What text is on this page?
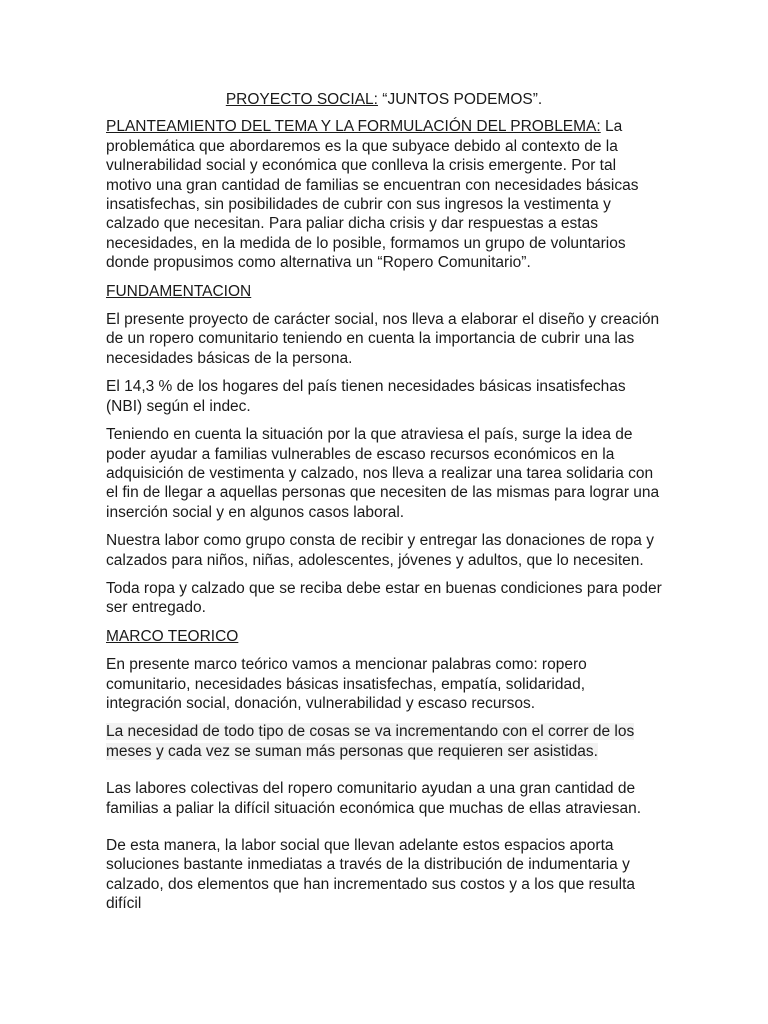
PROYECTO SOCIAL: “JUNTOS PODEMOS”.

PLANTEAMIENTO DEL TEMA Y LA FORMULACIÓN DEL PROBLEMA: La problemática que abordaremos es la que subyace debido al contexto de la vulnerabilidad social y económica que conlleva la crisis emergente. Por tal motivo una gran cantidad de familias se encuentran con necesidades básicas insatisfechas, sin posibilidades de cubrir con sus ingresos la vestimenta y calzado que necesitan. Para paliar dicha crisis y dar respuestas a estas necesidades, en la medida de lo posible, formamos un grupo de voluntarios donde propusimos como alternativa un “Ropero Comunitario”.

FUNDAMENTACION

El presente proyecto de carácter social, nos lleva a elaborar el diseño y creación de un ropero comunitario teniendo en cuenta la importancia de cubrir una las necesidades básicas de la persona.

El 14,3 % de los hogares del país tienen necesidades básicas insatisfechas (NBI) según el indec.

Teniendo en cuenta la situación por la que atraviesa el país, surge la idea de poder ayudar a familias vulnerables de escaso recursos económicos en la adquisición de vestimenta y calzado, nos lleva a realizar una tarea solidaria con el fin de llegar a aquellas personas que necesiten de las mismas para lograr una inserción social y en algunos casos laboral.

Nuestra labor como grupo consta de recibir y entregar las donaciones de ropa y calzados para niños, niñas, adolescentes, jóvenes y adultos, que lo necesiten.

Toda ropa y calzado que se reciba debe estar en buenas condiciones para poder ser entregado.

MARCO TEORICO

En presente marco teórico vamos a mencionar palabras como: ropero comunitario, necesidades básicas insatisfechas, empatía, solidaridad, integración social, donación, vulnerabilidad y escaso recursos.

La necesidad de todo tipo de cosas se va incrementando con el correr de los meses y cada vez se suman más personas que requieren ser asistidas.

Las labores colectivas del ropero comunitario ayudan a una gran cantidad de familias a paliar la difícil situación económica que muchas de ellas atraviesan.

De esta manera, la labor social que llevan adelante estos espacios aporta soluciones bastante inmediatas a través de la distribución de indumentaria y calzado, dos elementos que han incrementado sus costos y a los que resulta difícil
